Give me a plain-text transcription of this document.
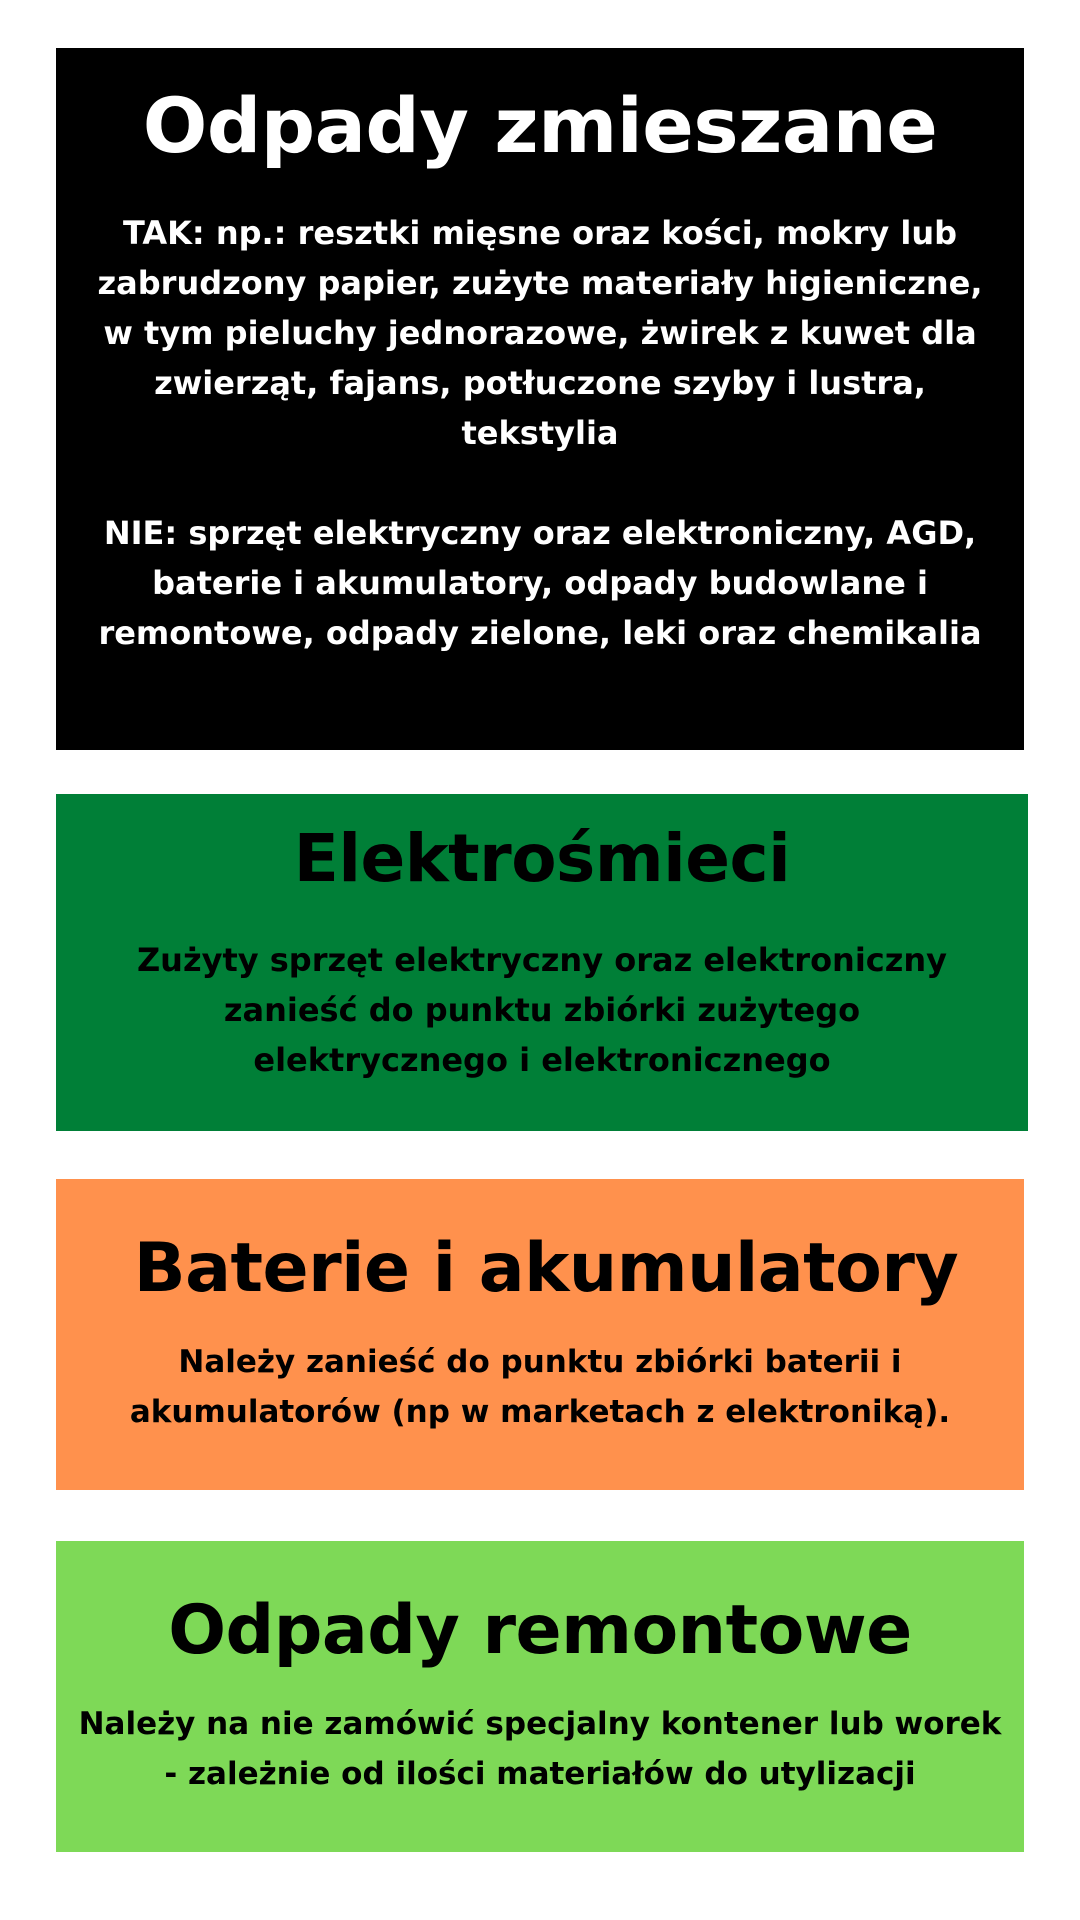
Odpady zmieszane

TAK: np.: resztki mięsne oraz kości, mokry lub zabrudzony papier, zużyte materiały higieniczne, w tym pieluchy jednorazowe, żwirek z kuwet dla zwierząt, fajans, potłuczone szyby i lustra, tekstylia

NIE: sprzęt elektryczny oraz elektroniczny, AGD, baterie i akumulatory, odpady budowlane i remontowe, odpady zielone, leki oraz chemikalia

Elektrośmieci

Zużyty sprzęt elektryczny oraz elektroniczny zanieść do punktu zbiórki zużytego elektrycznego i elektronicznego

Baterie i akumulatory

Należy zanieść do punktu zbiórki baterii i akumulatorów (np w marketach z elektroniką).

Odpady remontowe

Należy na nie zamówić specjalny kontener lub worek - zależnie od ilości materiałów do utylizacji
